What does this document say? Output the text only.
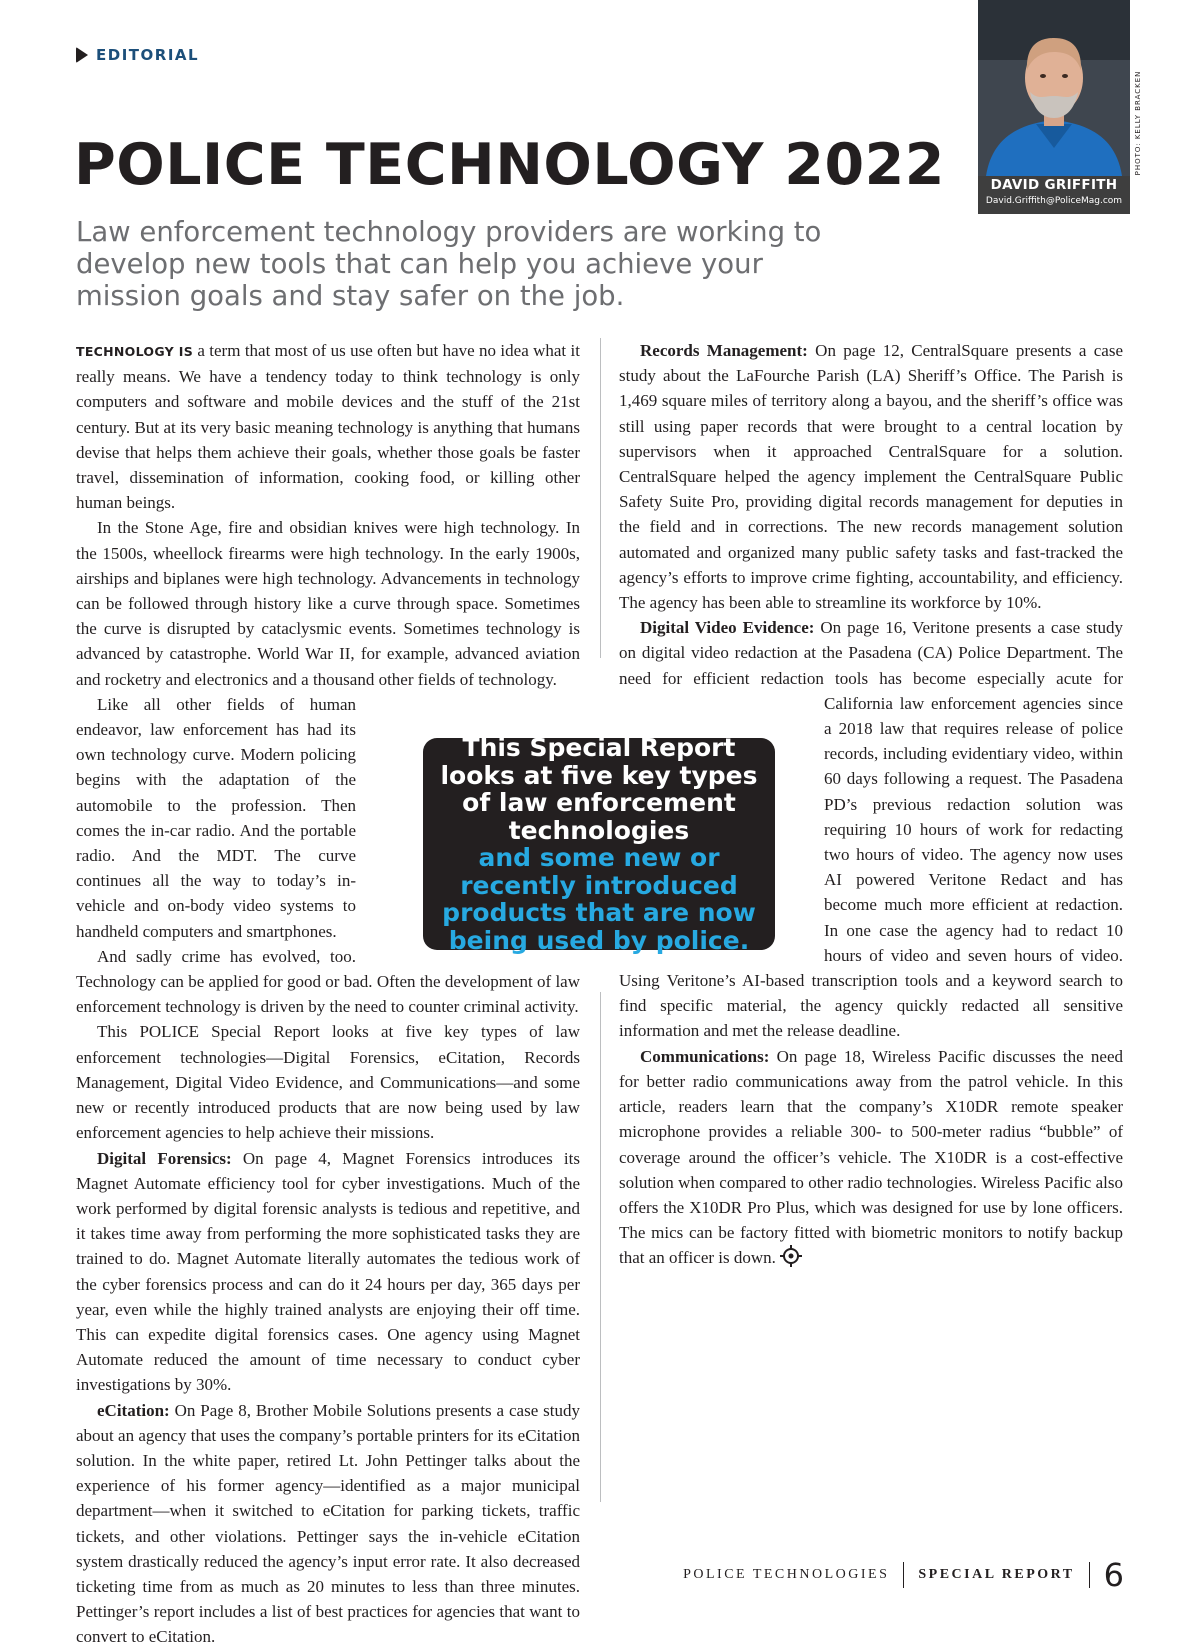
EDITORIAL
POLICE TECHNOLOGY 2022

Law enforcement technology providers are working to develop new tools that can help you achieve your mission goals and stay safer on the job.

DAVID GRIFFITH
David.Griffith@PoliceMag.com
PHOTO: KELLY BRACKEN

TECHNOLOGY IS a term that most of us use often but have no idea what it really means. We have a tendency today to think technology is only computers and software and mobile devices and the stuff of the 21st century. But at its very basic meaning technology is anything that humans devise that helps them achieve their goals, whether those goals be faster travel, dissemination of information, cooking food, or killing other human beings.

In the Stone Age, fire and obsidian knives were high technology. In the 1500s, wheellock firearms were high technology. In the early 1900s, airships and biplanes were high technology. Advancements in technology can be followed through history like a curve through space. Sometimes the curve is disrupted by cataclysmic events. Sometimes technology is advanced by catastrophe. World War II, for example, advanced aviation and rocketry and electronics and a thousand other fields of technology.

Like all other fields of human endeavor, law enforcement has had its own technology curve. Modern policing begins with the adaptation of the automobile to the profession. Then comes the in-car radio. And the portable radio. And the MDT. The curve continues all the way to today’s in-vehicle and on-body video systems to handheld computers and smartphones.

And sadly crime has evolved, too. Technology can be applied for good or bad. Often the development of law enforcement technology is driven by the need to counter criminal activity.

This POLICE Special Report looks at five key types of law enforcement technologies—Digital Forensics, eCitation, Records Management, Digital Video Evidence, and Communications—and some new or recently introduced products that are now being used by law enforcement agencies to help achieve their missions.

Digital Forensics: On page 4, Magnet Forensics introduces its Magnet Automate efficiency tool for cyber investigations. Much of the work performed by digital forensic analysts is tedious and repetitive, and it takes time away from performing the more sophisticated tasks they are trained to do. Magnet Automate literally automates the tedious work of the cyber forensics process and can do it 24 hours per day, 365 days per year, even while the highly trained analysts are enjoying their off time. This can expedite digital forensics cases. One agency using Magnet Automate reduced the amount of time necessary to conduct cyber investigations by 30%.

eCitation: On Page 8, Brother Mobile Solutions presents a case study about an agency that uses the company’s portable printers for its eCitation solution. In the white paper, retired Lt. John Pettinger talks about the experience of his former agency—identified as a major municipal department—when it switched to eCitation for parking tickets, traffic tickets, and other violations. Pettinger says the in-vehicle eCitation system drastically reduced the agency’s input error rate. It also decreased ticketing time from as much as 20 minutes to less than three minutes. Pettinger’s report includes a list of best practices for agencies that want to convert to eCitation.

Records Management: On page 12, CentralSquare presents a case study about the LaFourche Parish (LA) Sheriff’s Office. The Parish is 1,469 square miles of territory along a bayou, and the sheriff’s office was still using paper records that were brought to a central location by supervisors when it approached CentralSquare for a solution. CentralSquare helped the agency implement the CentralSquare Public Safety Suite Pro, providing digital records management for deputies in the field and in corrections. The new records management solution automated and organized many public safety tasks and fast-tracked the agency’s efforts to improve crime fighting, accountability, and efficiency. The agency has been able to streamline its workforce by 10%.

Digital Video Evidence: On page 16, Veritone presents a case study on digital video redaction at the Pasadena (CA) Police Department. The need for efficient redaction tools has become especially acute for California law enforcement agencies since a 2018 law that requires release of police records, including evidentiary video, within 60 days following a request. The Pasadena PD’s previous redaction solution was requiring 10 hours of work for redacting two hours of video. The agency now uses AI powered Veritone Redact and has become much more efficient at redaction. In one case the agency had to redact 10 hours of video and seven hours of video. Using Veritone’s AI-based transcription tools and a keyword search to find specific material, the agency quickly redacted all sensitive information and met the release deadline.

Communications: On page 18, Wireless Pacific discusses the need for better radio communications away from the patrol vehicle. In this article, readers learn that the company’s X10DR remote speaker microphone provides a reliable 300- to 500-meter radius “bubble” of coverage around the officer’s vehicle. The X10DR is a cost-effective solution when compared to other radio technologies. Wireless Pacific also offers the X10DR Pro Plus, which was designed for use by lone officers. The mics can be factory fitted with biometric monitors to notify backup that an officer is down.

This Special Report looks at five key types of law enforcement technologies
and some new or recently introduced products that are now being used by police.
POLICE TECHNOLOGIES SPECIAL REPORT 6
